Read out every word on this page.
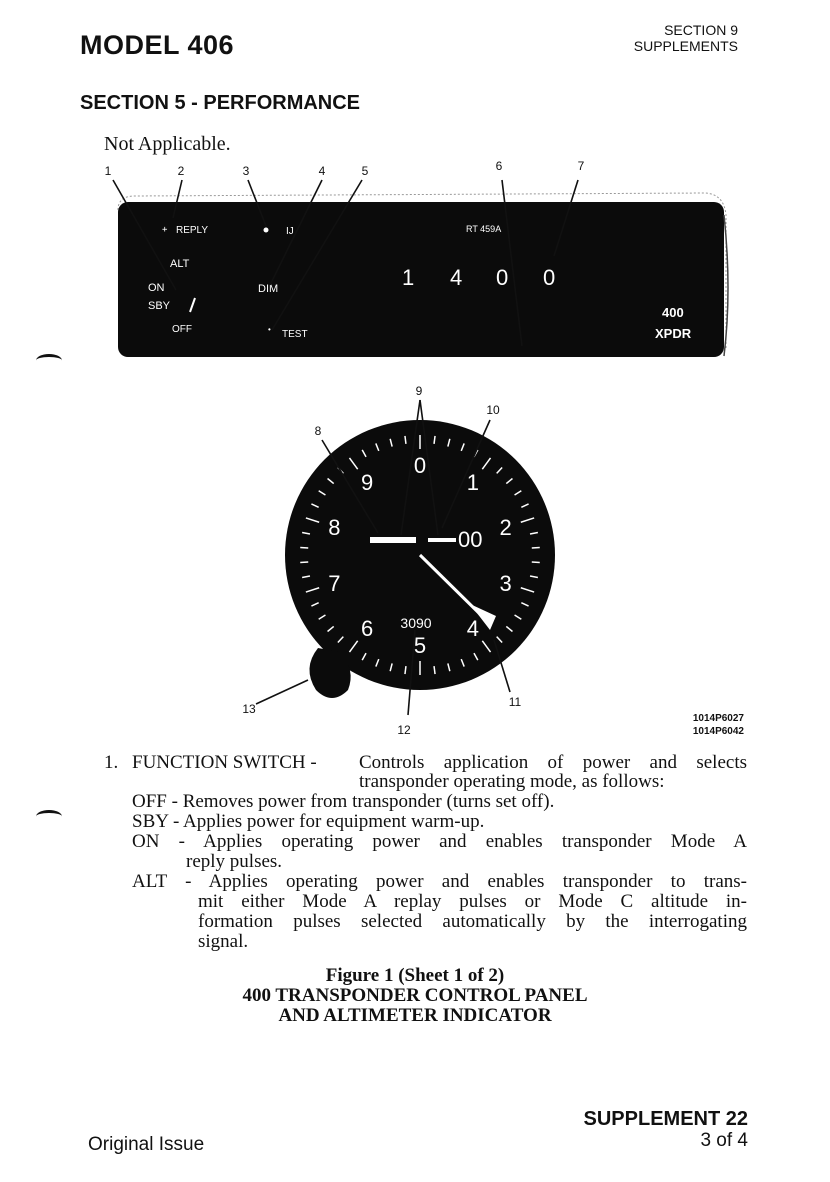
MODEL 406	SECTION 9
SUPPLEMENTS
SECTION 5 - PERFORMANCE
Not Applicable.
+ REPLY	IJ	RT 459A
ALT
ON
SBY
OFF
DIM
• TEST
1 4 0 0
400
XPDR
0
1
2
3
4
5
6
7
8
9
3090
00
1	2	3	4	5	6	7
8
9
10
11
12
13
1014P6027
1014P6042
1. FUNCTION SWITCH - Controls application of power and selects
transponder operating mode, as follows:
OFF - Removes power from transponder (turns set off).
SBY - Applies power for equipment warm-up.
ON - Applies operating power and enables transponder Mode A
reply pulses.
ALT - Applies operating power and enables transponder to trans-
mit either Mode A replay pulses or Mode C altitude in-
formation pulses selected automatically by the interrogating
signal.
Figure 1 (Sheet 1 of 2)
400 TRANSPONDER CONTROL PANEL
AND ALTIMETER INDICATOR
SUPPLEMENT 22
3 of 4
Original Issue
